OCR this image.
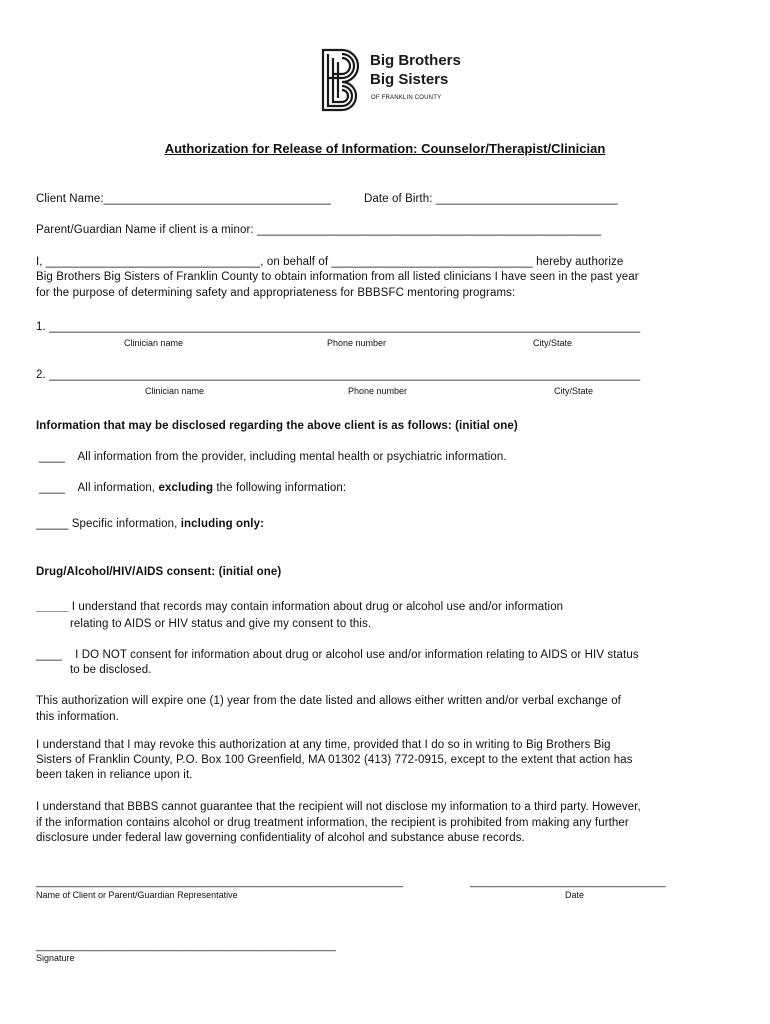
Big Brothers
Big Sisters
OF FRANKLIN COUNTY
Authorization for Release of Information: Counselor/Therapist/Clinician
Client Name:___________________________________	Date of Birth: ____________________________
Parent/Guardian Name if client is a minor: _____________________________________________________
I, _________________________________, on behalf of _______________________________ hereby authorize
Big Brothers Big Sisters of Franklin County to obtain information from all listed clinicians I have seen in the past year
for the purpose of determining safety and appropriateness for BBBSFC mentoring programs:
1. ___________________________________________________________________________________________
Clinician name	Phone number	City/State
2. ___________________________________________________________________________________________
Clinician name	Phone number	City/State
Information that may be disclosed regarding the above client is as follows: (initial one)
____ All information from the provider, including mental health or psychiatric information.
____ All information, excluding the following information:
_____ Specific information, including only:
Drug/Alcohol/HIV/AIDS consent: (initial one)
_____ I understand that records may contain information about drug or alcohol use and/or information
relating to AIDS or HIV status and give my consent to this.
____ I DO NOT consent for information about drug or alcohol use and/or information relating to AIDS or HIV status
to be disclosed.
This authorization will expire one (1) year from the date listed and allows either written and/or verbal exchange of
this information.
I understand that I may revoke this authorization at any time, provided that I do so in writing to Big Brothers Big
Sisters of Franklin County, P.O. Box 100 Greenfield, MA 01302 (413) 772-0915, except to the extent that action has
been taken in reliance upon it.
I understand that BBBS cannot guarantee that the recipient will not disclose my information to a third party. However,
if the information contains alcohol or drug treatment information, the recipient is prohibited from making any further
disclosure under federal law governing confidentiality of alcohol and substance abuse records.
____________________________________________________________
Name of Client or Parent/Guardian Representative
________________________________
Date
_________________________________________________
Signature
